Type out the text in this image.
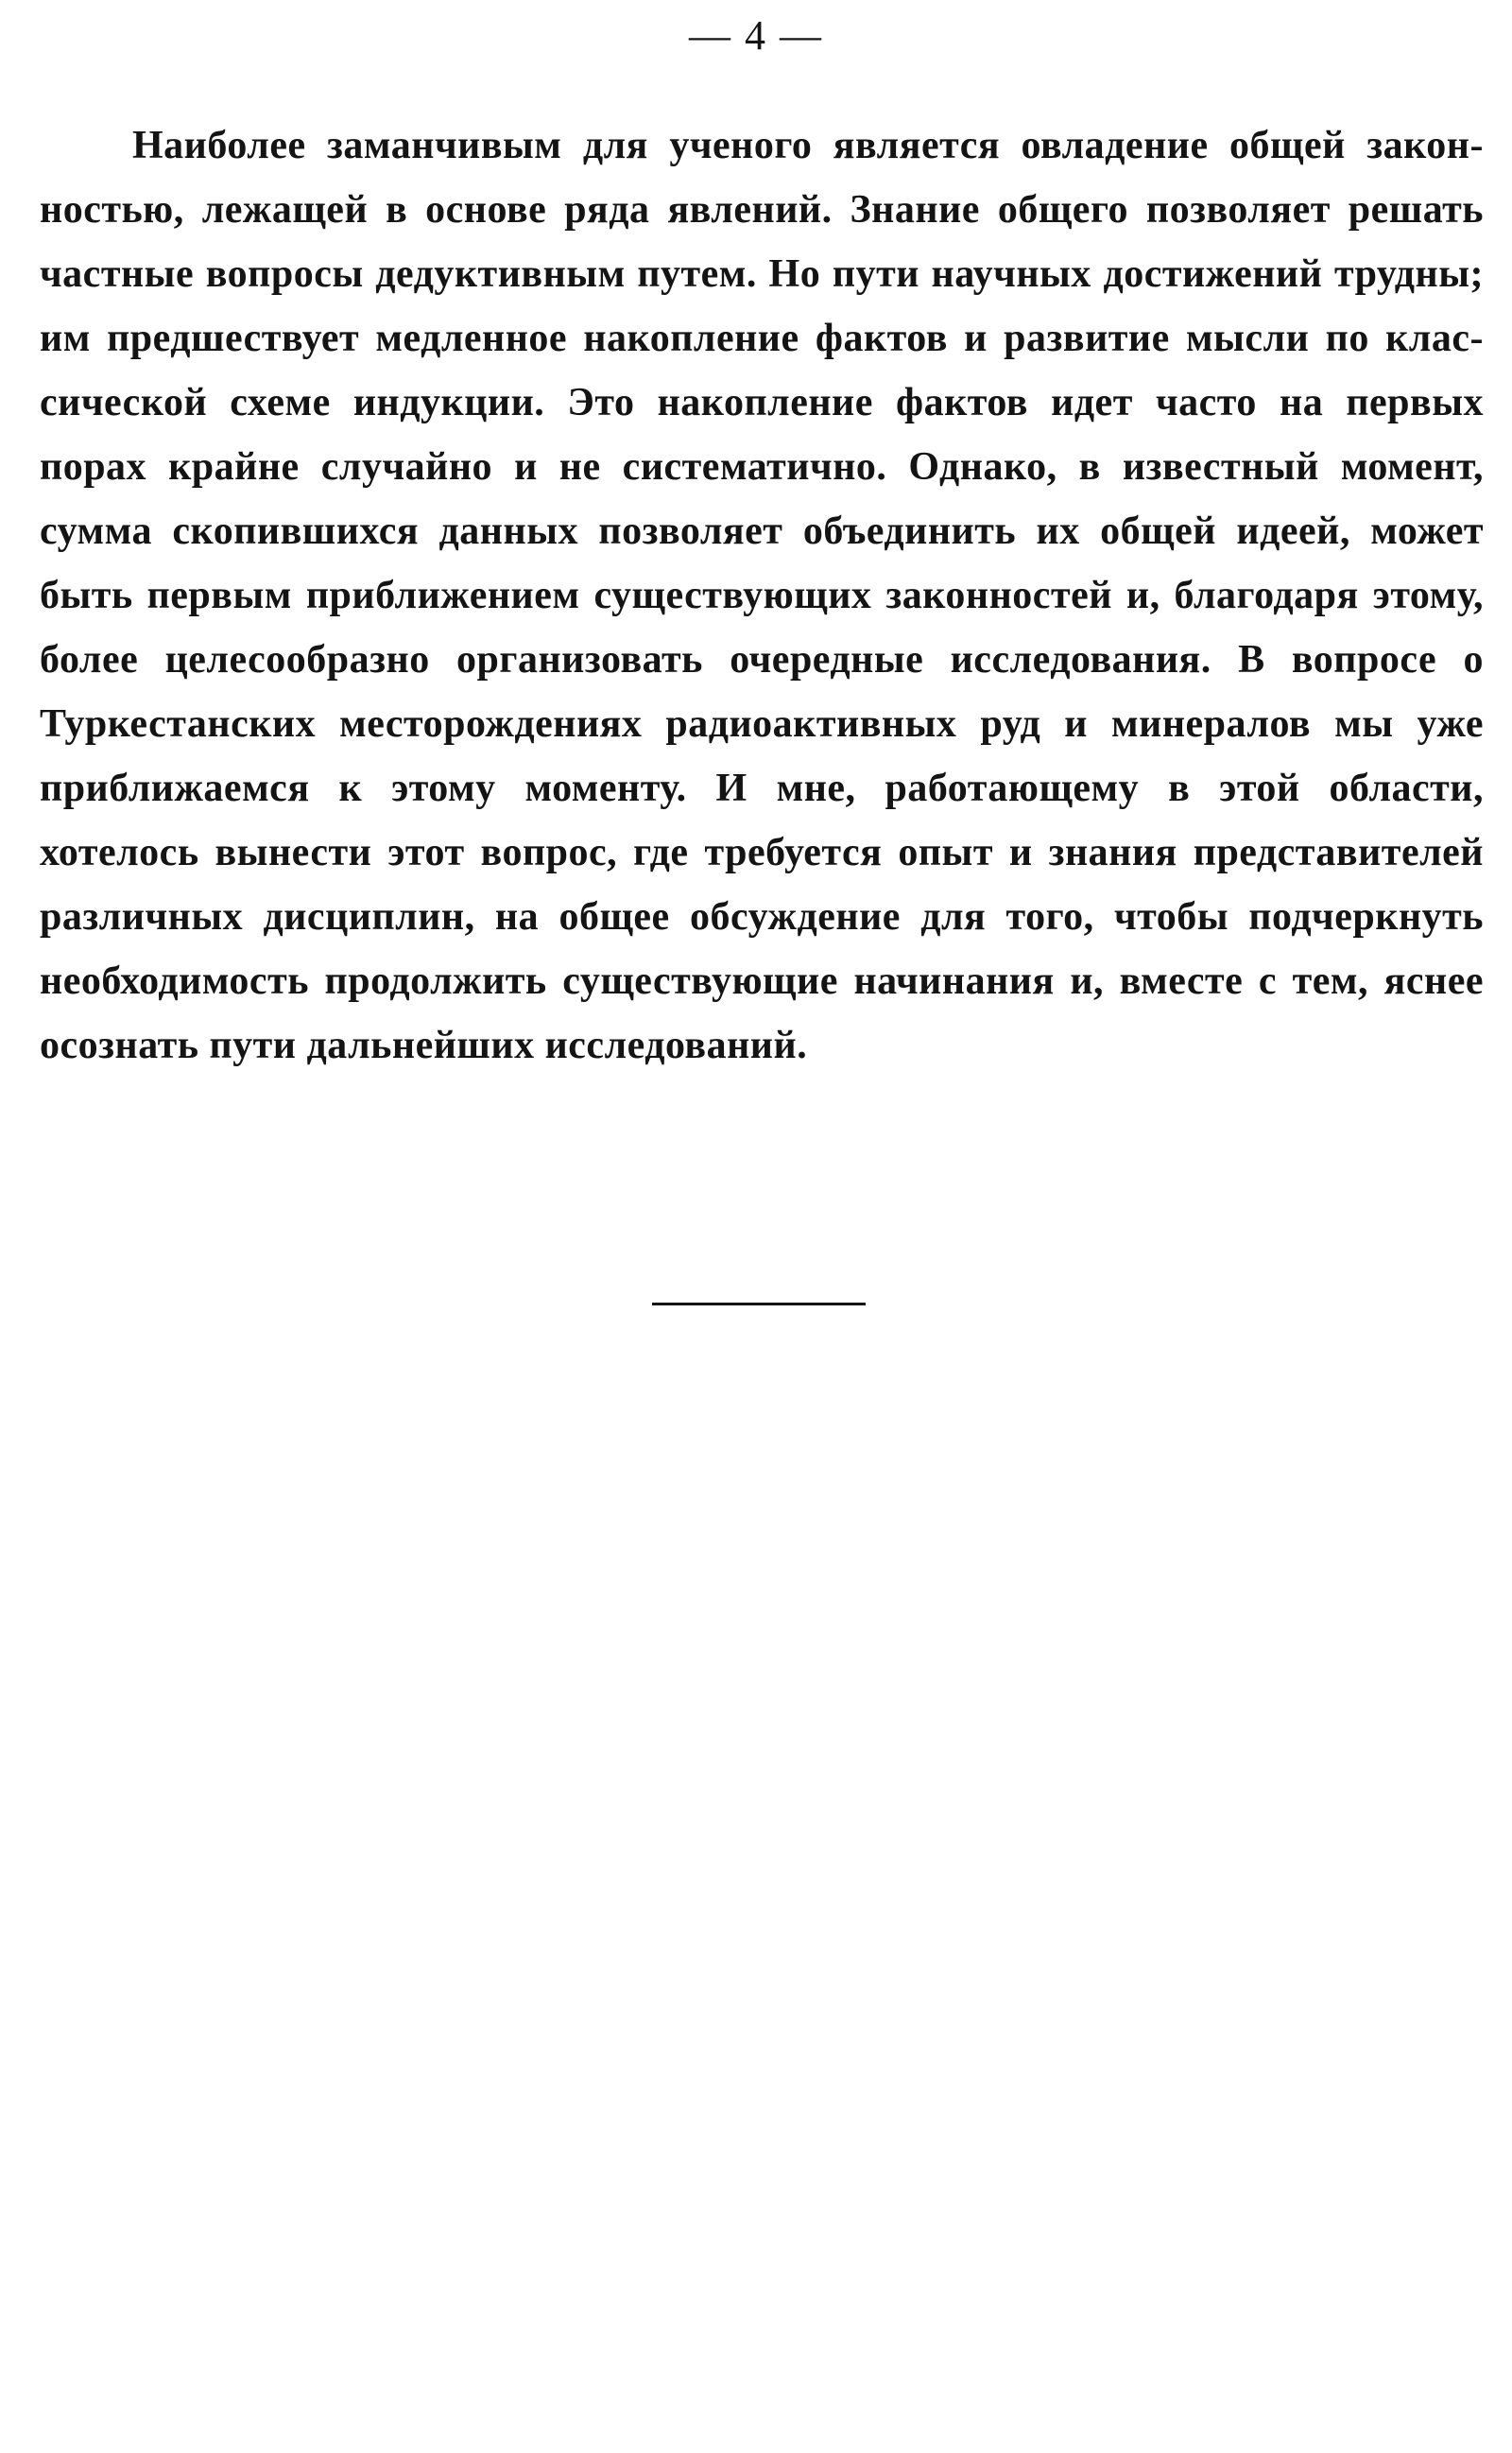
— 4 —
Наиболее заманчивым для ученого является овладение общей закон-
ностью, лежащей в основе ряда явлений. Знание общего позволяет решать
частные вопросы дедуктивным путем. Но пути научных достижений трудны;
им предшествует медленное накопление фактов и развитие мысли по клас-
сической схеме индукции. Это накопление фактов идет часто на первых
порах крайне случайно и не систематично. Однако, в известный момент,
сумма скопившихся данных позволяет объединить их общей идеей, может
быть первым приближением существующих законностей и, благодаря этому,
более целесообразно организовать очередные исследования. В вопросе о
Туркестанских месторождениях радиоактивных руд и минералов мы уже
приближаемся к этому моменту. И мне, работающему в этой области,
хотелось вынести этот вопрос, где требуется опыт и знания представителей
различных дисциплин, на общее обсуждение для того, чтобы подчеркнуть
необходимость продолжить существующие начинания и, вместе с тем, яснее
осознать пути дальнейших исследований.
